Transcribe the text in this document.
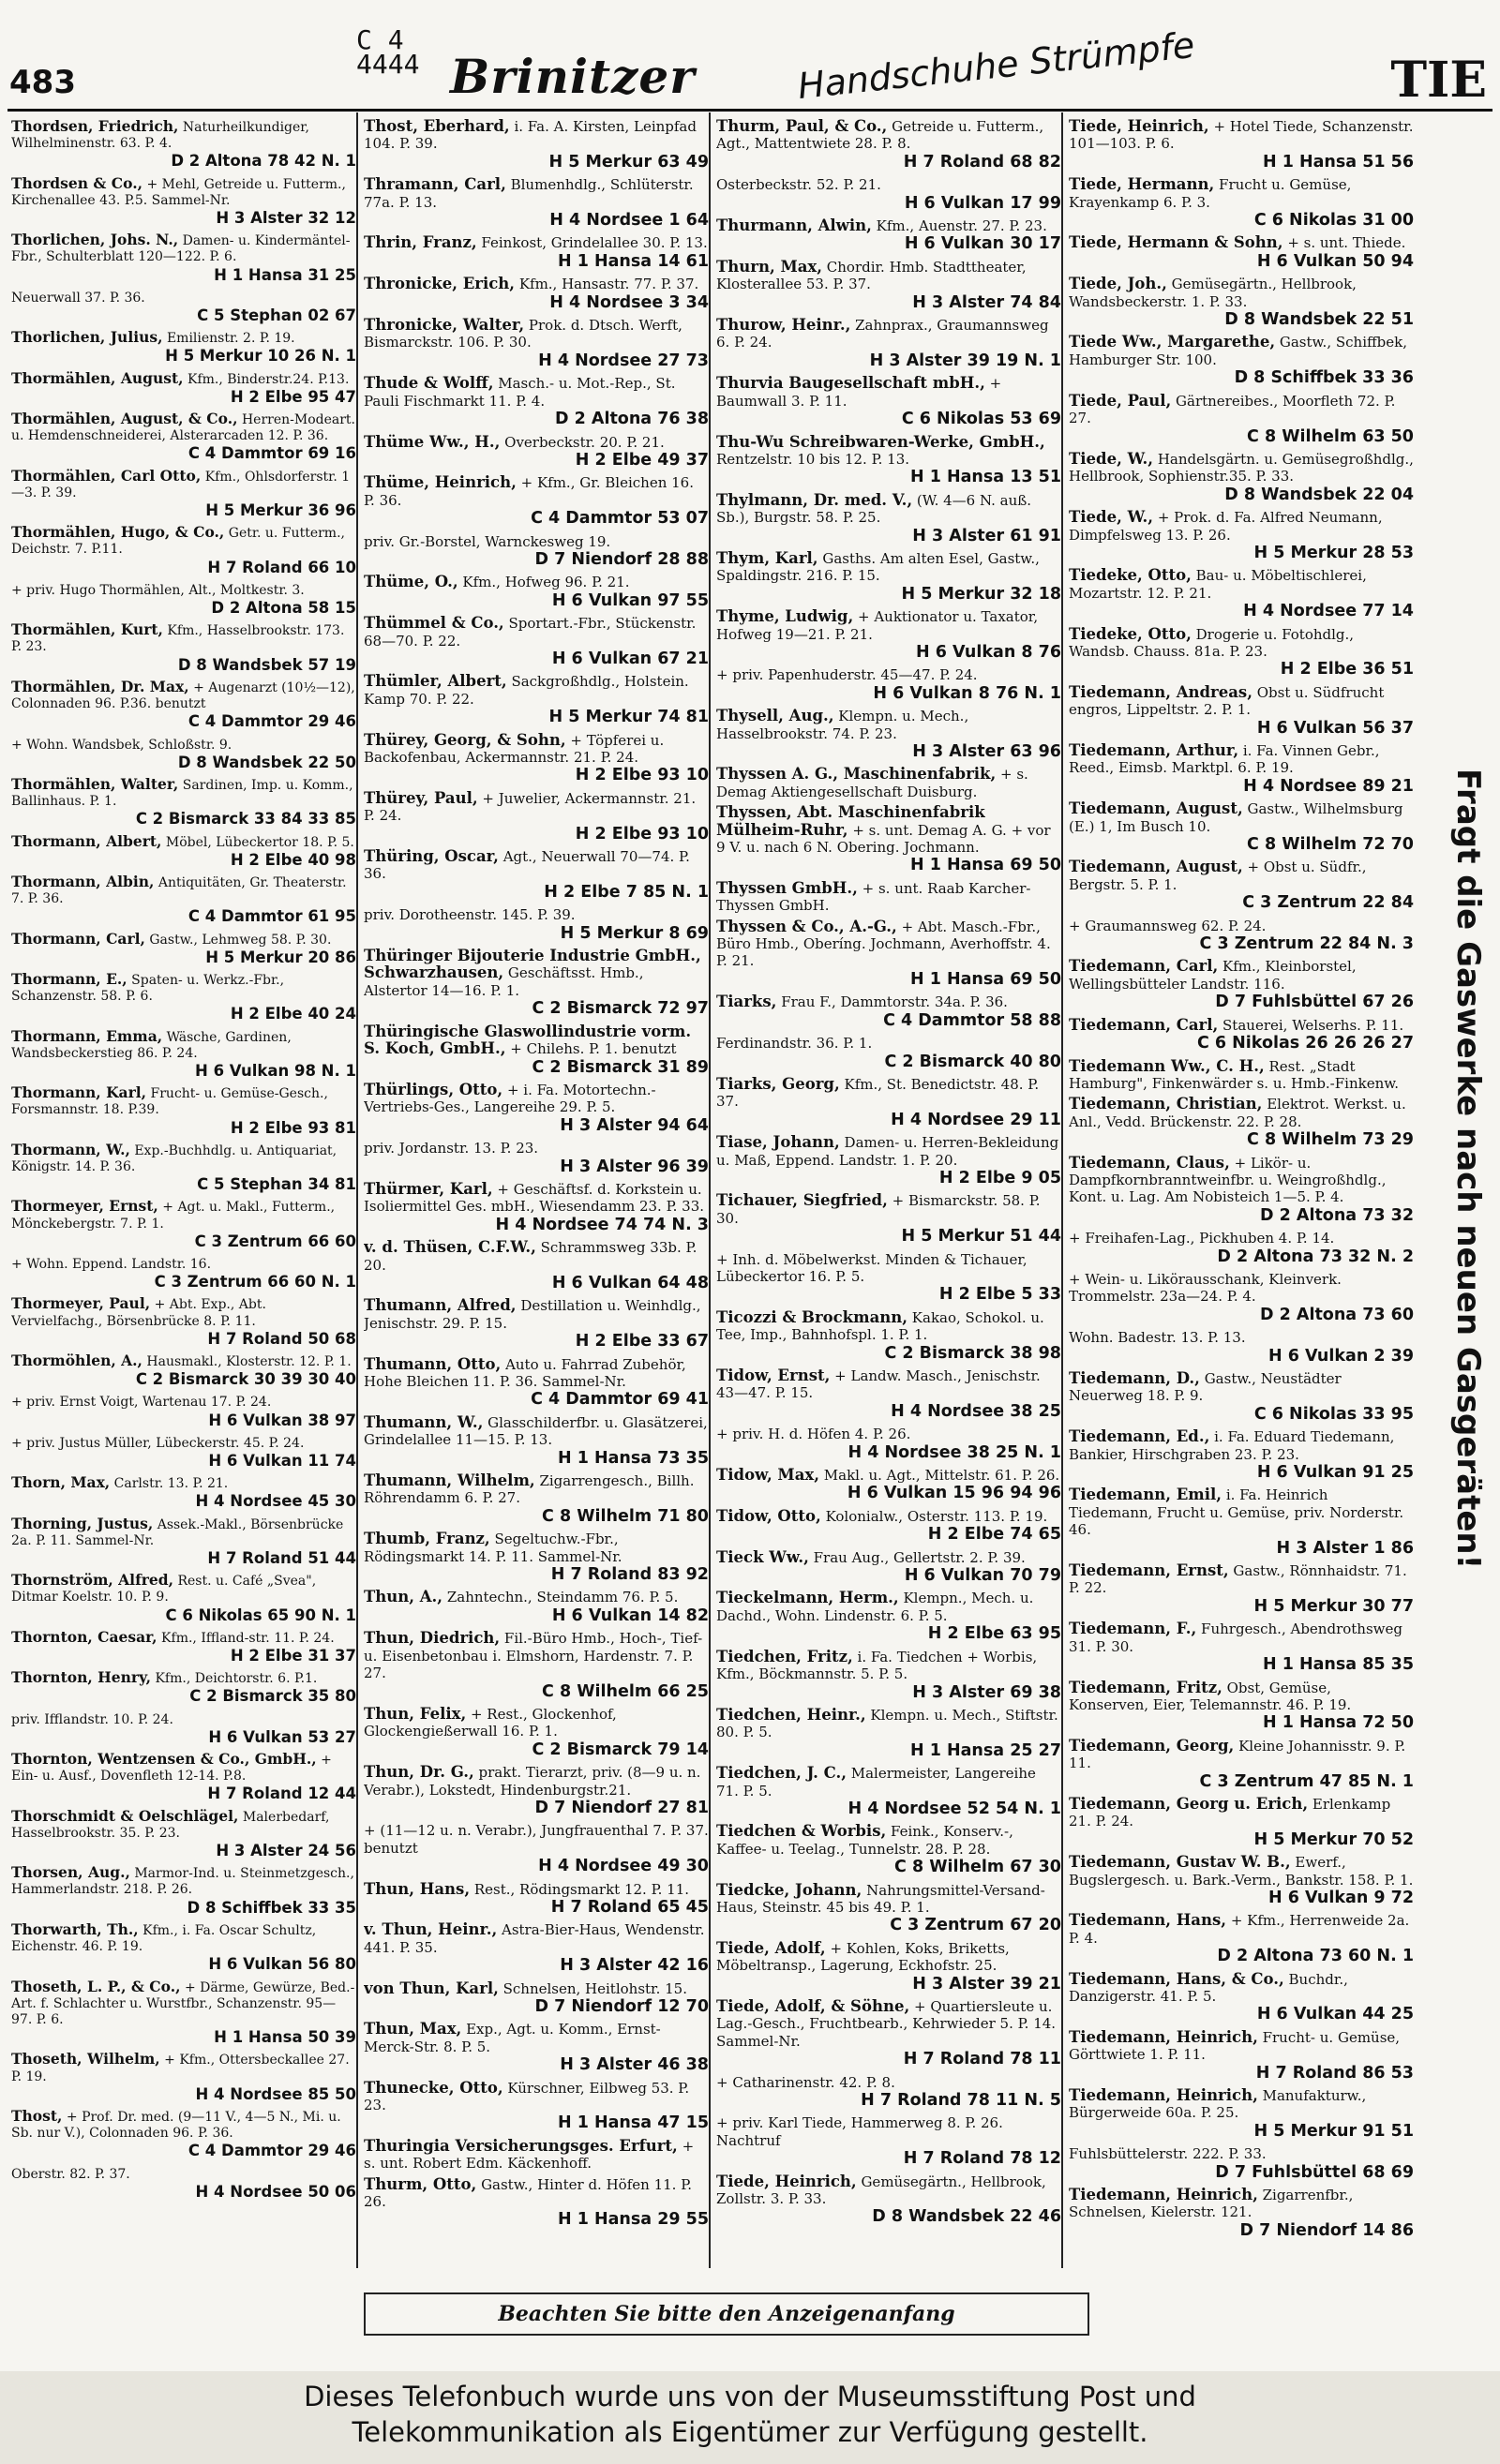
483
C 4 4444 Brinitzer	Handschuhe Strümpfe	TIE
Thordsen, Friedrich, Naturheilkundiger, Wilhelminenstr. 63. P. 4.
D 2 Altona 78 42 N. 1
Thordsen & Co., + Mehl, Getreide u. Futterm., Kirchenallee 43. P.5. Sammel-Nr.
H 3 Alster 32 12
Thorlichen, Johs. N., Damen- u. Kindermäntel-Fbr., Schulterblatt 120—122. P. 6.
H 1 Hansa 31 25
Neuerwall 37. P. 36.
C 5 Stephan 02 67
Thorlichen, Julius, Emilienstr. 2. P. 19.
H 5 Merkur 10 26 N. 1
Thormählen, August, Kfm., Binderstr.24. P.13.
H 2 Elbe 95 47
Thormählen, August, & Co., Herren-Modeart. u. Hemdenschneiderei, Alsterarcaden 12. P. 36.
C 4 Dammtor 69 16
Thormählen, Carl Otto, Kfm., Ohlsdorferstr. 1—3. P. 39.
H 5 Merkur 36 96
Thormählen, Hugo, & Co., Getr. u. Futterm., Deichstr. 7. P.11.
H 7 Roland 66 10
+ priv. Hugo Thormählen, Alt., Moltkestr. 3.
D 2 Altona 58 15
Thormählen, Kurt, Kfm., Hasselbrookstr. 173. P. 23.
D 8 Wandsbek 57 19
Thormählen, Dr. Max, + Augenarzt (10½—12), Colonnaden 96. P.36. benutzt
C 4 Dammtor 29 46
+ Wohn. Wandsbek, Schloßstr. 9.
D 8 Wandsbek 22 50
Thormählen, Walter, Sardinen, Imp. u. Komm., Ballinhaus. P. 1.
C 2 Bismarck 33 84 33 85
Thormann, Albert, Möbel, Lübeckertor 18. P. 5.
H 2 Elbe 40 98
Thormann, Albin, Antiquitäten, Gr. Theaterstr. 7. P. 36.
C 4 Dammtor 61 95
Thormann, Carl, Gastw., Lehmweg 58. P. 30.
H 5 Merkur 20 86
Thormann, E., Spaten- u. Werkz.-Fbr., Schanzenstr. 58. P. 6.
H 2 Elbe 40 24
Thormann, Emma, Wäsche, Gardinen, Wandsbeckerstieg 86. P. 24.
H 6 Vulkan 98 N. 1
Thormann, Karl, Frucht- u. Gemüse-Gesch., Forsmannstr. 18. P.39.
H 2 Elbe 93 81
Thormann, W., Exp.-Buchhdlg. u. Antiquariat, Königstr. 14. P. 36.
C 5 Stephan 34 81
Thormeyer, Ernst, + Agt. u. Makl., Futterm., Mönckebergstr. 7. P. 1.
C 3 Zentrum 66 60
+ Wohn. Eppend. Landstr. 16.
C 3 Zentrum 66 60 N. 1
Thormeyer, Paul, + Abt. Exp., Abt. Vervielfachg., Börsenbrücke 8. P. 11.
H 7 Roland 50 68
Thormöhlen, A., Hausmakl., Klosterstr. 12. P. 1.
C 2 Bismarck 30 39 30 40
+ priv. Ernst Voigt, Wartenau 17. P. 24.
H 6 Vulkan 38 97
+ priv. Justus Müller, Lübeckerstr. 45. P. 24.
H 6 Vulkan 11 74
Thorn, Max, Carlstr. 13. P. 21.
H 4 Nordsee 45 30
Thorning, Justus, Assek.-Makl., Börsenbrücke 2a. P. 11. Sammel-Nr.
H 7 Roland 51 44
Thornström, Alfred, Rest. u. Café „Svea", Ditmar Koelstr. 10. P. 9.
C 6 Nikolas 65 90 N. 1
Thornton, Caesar, Kfm., Iffland-str. 11. P. 24.
H 2 Elbe 31 37
Thornton, Henry, Kfm., Deichtorstr. 6. P.1.
C 2 Bismarck 35 80
priv. Ifflandstr. 10. P. 24.
H 6 Vulkan 53 27
Thornton, Wentzensen & Co., GmbH., + Ein- u. Ausf., Dovenfleth 12-14. P.8.
H 7 Roland 12 44
Thorschmidt & Oelschlägel, Malerbedarf, Hasselbrookstr. 35. P. 23.
H 3 Alster 24 56
Thorsen, Aug., Marmor-Ind. u. Steinmetzgesch., Hammerlandstr. 218. P. 26.
D 8 Schiffbek 33 35
Thorwarth, Th., Kfm., i. Fa. Oscar Schultz, Eichenstr. 46. P. 19.
H 6 Vulkan 56 80
Thoseth, L. P., & Co., + Därme, Gewürze, Bed.-Art. f. Schlachter u. Wurstfbr., Schanzenstr. 95—97. P. 6.
H 1 Hansa 50 39
Thoseth, Wilhelm, + Kfm., Ottersbeckallee 27. P. 19.
H 4 Nordsee 85 50
Thost, + Prof. Dr. med. (9—11 V., 4—5 N., Mi. u. Sb. nur V.), Colonnaden 96. P. 36.
C 4 Dammtor 29 46
Oberstr. 82. P. 37.
H 4 Nordsee 50 06
Thost, Eberhard, i. Fa. A. Kirsten, Leinpfad 104. P. 39.
H 5 Merkur 63 49
Thramann, Carl, Blumenhdlg., Schlüterstr. 77a. P. 13.
H 4 Nordsee 1 64
Thrin, Franz, Feinkost, Grindelallee 30. P. 13.
H 1 Hansa 14 61
Thronicke, Erich, Kfm., Hansastr. 77. P. 37.
H 4 Nordsee 3 34
Thronicke, Walter, Prok. d. Dtsch. Werft, Bismarckstr. 106. P. 30.
H 4 Nordsee 27 73
Thude & Wolff, Masch.- u. Mot.-Rep., St. Pauli Fischmarkt 11. P. 4.
D 2 Altona 76 38
Thüme Ww., H., Overbeckstr. 20. P. 21.
H 2 Elbe 49 37
Thüme, Heinrich, + Kfm., Gr. Bleichen 16. P. 36.
C 4 Dammtor 53 07
priv. Gr.-Borstel, Warnckesweg 19.
D 7 Niendorf 28 88
Thüme, O., Kfm., Hofweg 96. P. 21.
H 6 Vulkan 97 55
Thümmel & Co., Sportart.-Fbr., Stückenstr. 68—70. P. 22.
H 6 Vulkan 67 21
Thümler, Albert, Sackgroßhdlg., Holstein. Kamp 70. P. 22.
H 5 Merkur 74 81
Thürey, Georg, & Sohn, + Töpferei u. Backofenbau, Ackermannstr. 21. P. 24.
H 2 Elbe 93 10
Thürey, Paul, + Juwelier, Ackermannstr. 21. P. 24.
H 2 Elbe 93 10
Thüring, Oscar, Agt., Neuerwall 70—74. P. 36.
H 2 Elbe 7 85 N. 1
priv. Dorotheenstr. 145. P. 39.
H 5 Merkur 8 69
Thüringer Bijouterie Industrie GmbH., Schwarzhausen, Geschäftsst. Hmb., Alstertor 14—16. P. 1.
C 2 Bismarck 72 97
Thüringische Glaswollindustrie vorm. S. Koch, GmbH., + Chilehs. P. 1. benutzt
C 2 Bismarck 31 89
Thürlings, Otto, + i. Fa. Motortechn.-Vertriebs-Ges., Langereihe 29. P. 5.
H 3 Alster 94 64
priv. Jordanstr. 13. P. 23.
H 3 Alster 96 39
Thürmer, Karl, + Geschäftsf. d. Korkstein u. Isoliermittel Ges. mbH., Wiesendamm 23. P. 33.
H 4 Nordsee 74 74 N. 3
v. d. Thüsen, C.F.W., Schrammsweg 33b. P. 20.
H 6 Vulkan 64 48
Thumann, Alfred, Destillation u. Weinhdlg., Jenischstr. 29. P. 15.
H 2 Elbe 33 67
Thumann, Otto, Auto u. Fahrrad Zubehör, Hohe Bleichen 11. P. 36. Sammel-Nr.
C 4 Dammtor 69 41
Thumann, W., Glasschilderfbr. u. Glasätzerei, Grindelallee 11—15. P. 13.
H 1 Hansa 73 35
Thumann, Wilhelm, Zigarrengesch., Billh. Röhrendamm 6. P. 27.
C 8 Wilhelm 71 80
Thumb, Franz, Segeltuchw.-Fbr., Rödingsmarkt 14. P. 11. Sammel-Nr.
H 7 Roland 83 92
Thun, A., Zahntechn., Steindamm 76. P. 5.
H 6 Vulkan 14 82
Thun, Diedrich, Fil.-Büro Hmb., Hoch-, Tief- u. Eisenbetonbau i. Elmshorn, Hardenstr. 7. P. 27.
C 8 Wilhelm 66 25
Thun, Felix, + Rest., Glockenhof, Glockengießerwall 16. P. 1.
C 2 Bismarck 79 14
Thun, Dr. G., prakt. Tierarzt, priv. (8—9 u. n. Verabr.), Lokstedt, Hindenburgstr.21.
D 7 Niendorf 27 81
+ (11—12 u. n. Verabr.), Jungfrauenthal 7. P. 37. benutzt
H 4 Nordsee 49 30
Thun, Hans, Rest., Rödingsmarkt 12. P. 11.
H 7 Roland 65 45
v. Thun, Heinr., Astra-Bier-Haus, Wendenstr. 441. P. 35.
H 3 Alster 42 16
von Thun, Karl, Schnelsen, Heitlohstr. 15.
D 7 Niendorf 12 70
Thun, Max, Exp., Agt. u. Komm., Ernst-Merck-Str. 8. P. 5.
H 3 Alster 46 38
Thunecke, Otto, Kürschner, Eilbweg 53. P. 23.
H 1 Hansa 47 15
Thuringia Versicherungsges. Erfurt, + s. unt. Robert Edm. Käckenhoff.
Thurm, Otto, Gastw., Hinter d. Höfen 11. P. 26.
H 1 Hansa 29 55
Thurm, Paul, & Co., Getreide u. Futterm., Agt., Mattentwiete 28. P. 8.
H 7 Roland 68 82
Osterbeckstr. 52. P. 21.
H 6 Vulkan 17 99
Thurmann, Alwin, Kfm., Auenstr. 27. P. 23.
H 6 Vulkan 30 17
Thurn, Max, Chordir. Hmb. Stadttheater, Klosterallee 53. P. 37.
H 3 Alster 74 84
Thurow, Heinr., Zahnprax., Graumannsweg 6. P. 24.
H 3 Alster 39 19 N. 1
Thurvia Baugesellschaft mbH., + Baumwall 3. P. 11.
C 6 Nikolas 53 69
Thu-Wu Schreibwaren-Werke, GmbH., Rentzelstr. 10 bis 12. P. 13.
H 1 Hansa 13 51
Thylmann, Dr. med. V., (W. 4—6 N. auß. Sb.), Burgstr. 58. P. 25.
H 3 Alster 61 91
Thym, Karl, Gasths. Am alten Esel, Gastw., Spaldingstr. 216. P. 15.
H 5 Merkur 32 18
Thyme, Ludwig, + Auktionator u. Taxator, Hofweg 19—21. P. 21.
H 6 Vulkan 8 76
+ priv. Papenhuderstr. 45—47. P. 24.
H 6 Vulkan 8 76 N. 1
Thysell, Aug., Klempn. u. Mech., Hasselbrookstr. 74. P. 23.
H 3 Alster 63 96
Thyssen A. G., Maschinenfabrik, + s. Demag Aktiengesellschaft Duisburg.
Thyssen, Abt. Maschinenfabrik Mülheim-Ruhr, + s. unt. Demag A. G. + vor 9 V. u. nach 6 N. Obering. Jochmann.
H 1 Hansa 69 50
Thyssen GmbH., + s. unt. Raab Karcher-Thyssen GmbH.
Thyssen & Co., A.-G., + Abt. Masch.-Fbr., Büro Hmb., Oberíng. Jochmann, Averhoffstr. 4. P. 21.
H 1 Hansa 69 50
Tiarks, Frau F., Dammtorstr. 34a. P. 36.
C 4 Dammtor 58 88
Ferdinandstr. 36. P. 1.
C 2 Bismarck 40 80
Tiarks, Georg, Kfm., St. Benedictstr. 48. P. 37.
H 4 Nordsee 29 11
Tiase, Johann, Damen- u. Herren-Bekleidung u. Maß, Eppend. Landstr. 1. P. 20.
H 2 Elbe 9 05
Tichauer, Siegfried, + Bismarckstr. 58. P. 30.
H 5 Merkur 51 44
+ Inh. d. Möbelwerkst. Minden & Tichauer, Lübeckertor 16. P. 5.
H 2 Elbe 5 33
Ticozzi & Brockmann, Kakao, Schokol. u. Tee, Imp., Bahnhofspl. 1. P. 1.
C 2 Bismarck 38 98
Tidow, Ernst, + Landw. Masch., Jenischstr. 43—47. P. 15.
H 4 Nordsee 38 25
+ priv. H. d. Höfen 4. P. 26.
H 4 Nordsee 38 25 N. 1
Tidow, Max, Makl. u. Agt., Mittelstr. 61. P. 26.
H 6 Vulkan 15 96 94 96
Tidow, Otto, Kolonialw., Osterstr. 113. P. 19.
H 2 Elbe 74 65
Tieck Ww., Frau Aug., Gellertstr. 2. P. 39.
H 6 Vulkan 70 79
Tieckelmann, Herm., Klempn., Mech. u. Dachd., Wohn. Lindenstr. 6. P. 5.
H 2 Elbe 63 95
Tiedchen, Fritz, i. Fa. Tiedchen + Worbis, Kfm., Böckmannstr. 5. P. 5.
H 3 Alster 69 38
Tiedchen, Heinr., Klempn. u. Mech., Stiftstr. 80. P. 5.
H 1 Hansa 25 27
Tiedchen, J. C., Malermeister, Langereihe 71. P. 5.
H 4 Nordsee 52 54 N. 1
Tiedchen & Worbis, Feink., Konserv.-, Kaffee- u. Teelag., Tunnelstr. 28. P. 28.
C 8 Wilhelm 67 30
Tiedcke, Johann, Nahrungsmittel-Versand-Haus, Steinstr. 45 bis 49. P. 1.
C 3 Zentrum 67 20
Tiede, Adolf, + Kohlen, Koks, Briketts, Möbeltransp., Lagerung, Eckhofstr. 25.
H 3 Alster 39 21
Tiede, Adolf, & Söhne, + Quartiersleute u. Lag.-Gesch., Fruchtbearb., Kehrwieder 5. P. 14. Sammel-Nr.
H 7 Roland 78 11
+ Catharinenstr. 42. P. 8.
H 7 Roland 78 11 N. 5
+ priv. Karl Tiede, Hammerweg 8. P. 26. Nachtruf
H 7 Roland 78 12
Tiede, Heinrich, Gemüsegärtn., Hellbrook, Zollstr. 3. P. 33.
D 8 Wandsbek 22 46
Tiede, Heinrich, + Hotel Tiede, Schanzenstr. 101—103. P. 6.
H 1 Hansa 51 56
Tiede, Hermann, Frucht u. Gemüse, Krayenkamp 6. P. 3.
C 6 Nikolas 31 00
Tiede, Hermann & Sohn, + s. unt. Thiede.
H 6 Vulkan 50 94
Tiede, Joh., Gemüsegärtn., Hellbrook, Wandsbeckerstr. 1. P. 33.
D 8 Wandsbek 22 51
Tiede Ww., Margarethe, Gastw., Schiffbek, Hamburger Str. 100.
D 8 Schiffbek 33 36
Tiede, Paul, Gärtnereibes., Moorfleth 72. P. 27.
C 8 Wilhelm 63 50
Tiede, W., Handelsgärtn. u. Gemüsegroßhdlg., Hellbrook, Sophienstr.35. P. 33.
D 8 Wandsbek 22 04
Tiede, W., + Prok. d. Fa. Alfred Neumann, Dimpfelsweg 13. P. 26.
H 5 Merkur 28 53
Tiedeke, Otto, Bau- u. Möbeltischlerei, Mozartstr. 12. P. 21.
H 4 Nordsee 77 14
Tiedeke, Otto, Drogerie u. Fotohdlg., Wandsb. Chauss. 81a. P. 23.
H 2 Elbe 36 51
Tiedemann, Andreas, Obst u. Südfrucht engros, Lippeltstr. 2. P. 1.
H 6 Vulkan 56 37
Tiedemann, Arthur, i. Fa. Vinnen Gebr., Reed., Eimsb. Marktpl. 6. P. 19.
H 4 Nordsee 89 21
Tiedemann, August, Gastw., Wilhelmsburg (E.) 1, Im Busch 10.
C 8 Wilhelm 72 70
Tiedemann, August, + Obst u. Südfr., Bergstr. 5. P. 1.
C 3 Zentrum 22 84
+ Graumannsweg 62. P. 24.
C 3 Zentrum 22 84 N. 3
Tiedemann, Carl, Kfm., Kleinborstel, Wellingsbütteler Landstr. 116.
D 7 Fuhlsbüttel 67 26
Tiedemann, Carl, Stauerei, Welserhs. P. 11.
C 6 Nikolas 26 26 26 27
Tiedemann Ww., C. H., Rest. „Stadt Hamburg", Finkenwärder s. u. Hmb.-Finkenw.
Tiedemann, Christian, Elektrot. Werkst. u. Anl., Vedd. Brückenstr. 22. P. 28.
C 8 Wilhelm 73 29
Tiedemann, Claus, + Likör- u. Dampfkornbranntweinfbr. u. Weingroßhdlg., Kont. u. Lag. Am Nobisteich 1—5. P. 4.
D 2 Altona 73 32
+ Freihafen-Lag., Pickhuben 4. P. 14.
D 2 Altona 73 32 N. 2
+ Wein- u. Likörausschank, Kleinverk. Trommelstr. 23a—24. P. 4.
D 2 Altona 73 60
Wohn. Badestr. 13. P. 13.
H 6 Vulkan 2 39
Tiedemann, D., Gastw., Neustädter Neuerweg 18. P. 9.
C 6 Nikolas 33 95
Tiedemann, Ed., i. Fa. Eduard Tiedemann, Bankier, Hirschgraben 23. P. 23.
H 6 Vulkan 91 25
Tiedemann, Emil, i. Fa. Heinrich Tiedemann, Frucht u. Gemüse, priv. Norderstr. 46.
H 3 Alster 1 86
Tiedemann, Ernst, Gastw., Rönnhaidstr. 71. P. 22.
H 5 Merkur 30 77
Tiedemann, F., Fuhrgesch., Abendrothsweg 31. P. 30.
H 1 Hansa 85 35
Tiedemann, Fritz, Obst, Gemüse, Konserven, Eier, Telemannstr. 46. P. 19.
H 1 Hansa 72 50
Tiedemann, Georg, Kleine Johannisstr. 9. P. 11.
C 3 Zentrum 47 85 N. 1
Tiedemann, Georg u. Erich, Erlenkamp 21. P. 24.
H 5 Merkur 70 52
Tiedemann, Gustav W. B., Ewerf., Bugslergesch. u. Bark.-Verm., Bankstr. 158. P. 1.
H 6 Vulkan 9 72
Tiedemann, Hans, + Kfm., Herrenweide 2a. P. 4.
D 2 Altona 73 60 N. 1
Tiedemann, Hans, & Co., Buchdr., Danzigerstr. 41. P. 5.
H 6 Vulkan 44 25
Tiedemann, Heinrich, Frucht- u. Gemüse, Görttwiete 1. P. 11.
H 7 Roland 86 53
Tiedemann, Heinrich, Manufakturw., Bürgerweide 60a. P. 25.
H 5 Merkur 91 51
Fuhlsbüttelerstr. 222. P. 33.
D 7 Fuhlsbüttel 68 69
Tiedemann, Heinrich, Zigarrenfbr., Schnelsen, Kielerstr. 121.
D 7 Niendorf 14 86
Fragt die Gaswerke nach neuen Gasgeräten!
Beachten Sie bitte den Anzeigenanfang
Dieses Telefonbuch wurde uns von der Museumsstiftung Post und
Telekommunikation als Eigentümer zur Verfügung gestellt.
